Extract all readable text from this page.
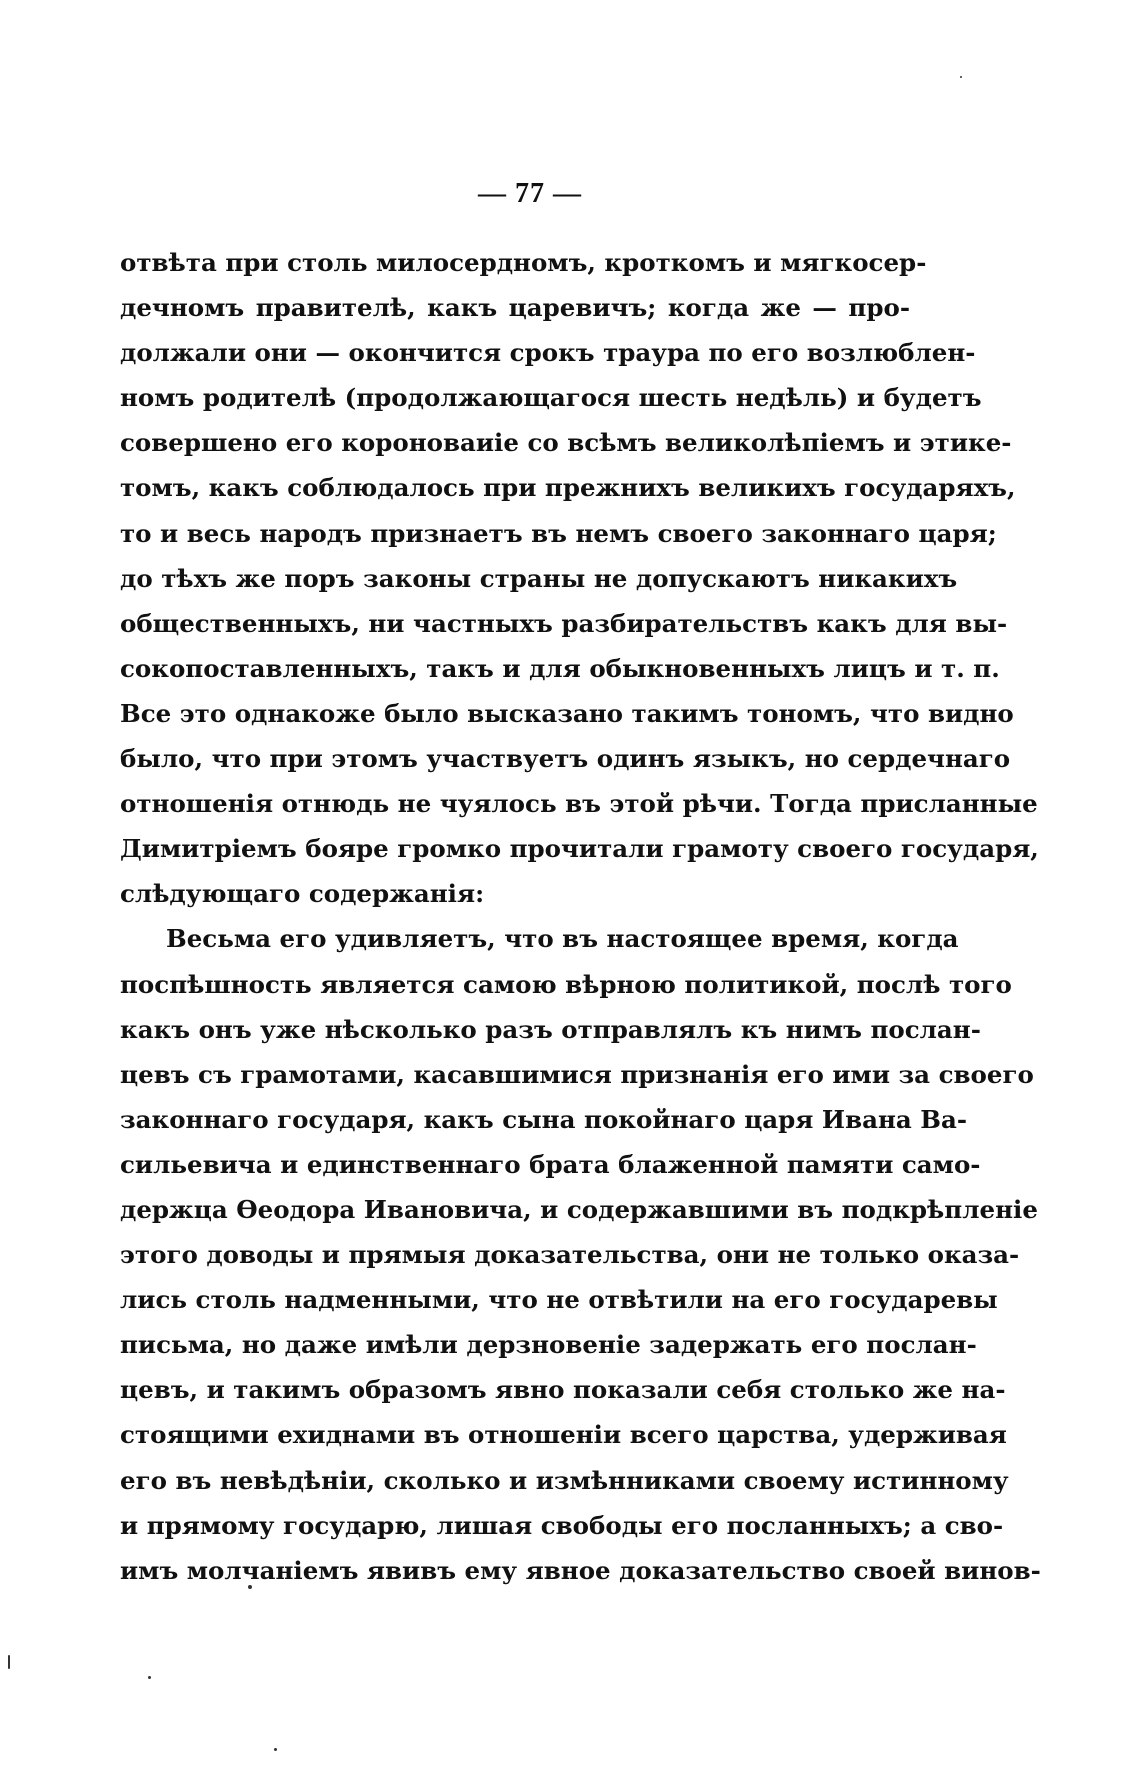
— 77 —
отвѣта при столь милосердномъ, кроткомъ и мягкосер-
дечномъ правителѣ, какъ царевичъ; когда же — про-
должали они — окончится срокъ траура по его возлюблен-
номъ родителѣ (продолжающагося шесть недѣль) и будетъ
совершено его короноваиіе со всѣмъ великолѣпіемъ и этике-
томъ, какъ соблюдалось при прежнихъ великихъ государяхъ,
то и весь народъ признаетъ въ немъ своего законнаго царя;
до тѣхъ же поръ законы страны не допускаютъ никакихъ
общественныхъ, ни частныхъ разбирательствъ какъ для вы-
сокопоставленныхъ, такъ и для обыкновенныхъ лицъ и т. п.
Все это однакоже было высказано такимъ тономъ, что видно
было, что при этомъ участвуетъ одинъ языкъ, но сердечнаго
отношенія отнюдь не чуялось въ этой рѣчи. Тогда присланные
Димитріемъ бояре громко прочитали грамоту своего государя,
слѣдующаго содержанія:
Весьма его удивляетъ, что въ настоящее время, когда
поспѣшность является самою вѣрною политикой, послѣ того
какъ онъ уже нѣсколько разъ отправлялъ къ нимъ послан-
цевъ съ грамотами, касавшимися признанія его ими за своего
законнаго государя, какъ сына покойнаго царя Ивана Ва-
сильевича и единственнаго брата блаженной памяти само-
держца Өеодора Ивановича, и содержавшими въ подкрѣпленіе
этого доводы и прямыя доказательства, они не только оказа-
лись столь надменными, что не отвѣтили на его государевы
письма, но даже имѣли дерзновеніе задержать его послан-
цевъ, и такимъ образомъ явно показали себя столько же на-
стоящими ехиднами въ отношеніи всего царства, удерживая
его въ невѣдѣніи, сколько и измѣнниками своему истинному
и прямому государю, лишая свободы его посланныхъ; а сво-
имъ молчаніемъ явивъ ему явное доказательство своей винов-
